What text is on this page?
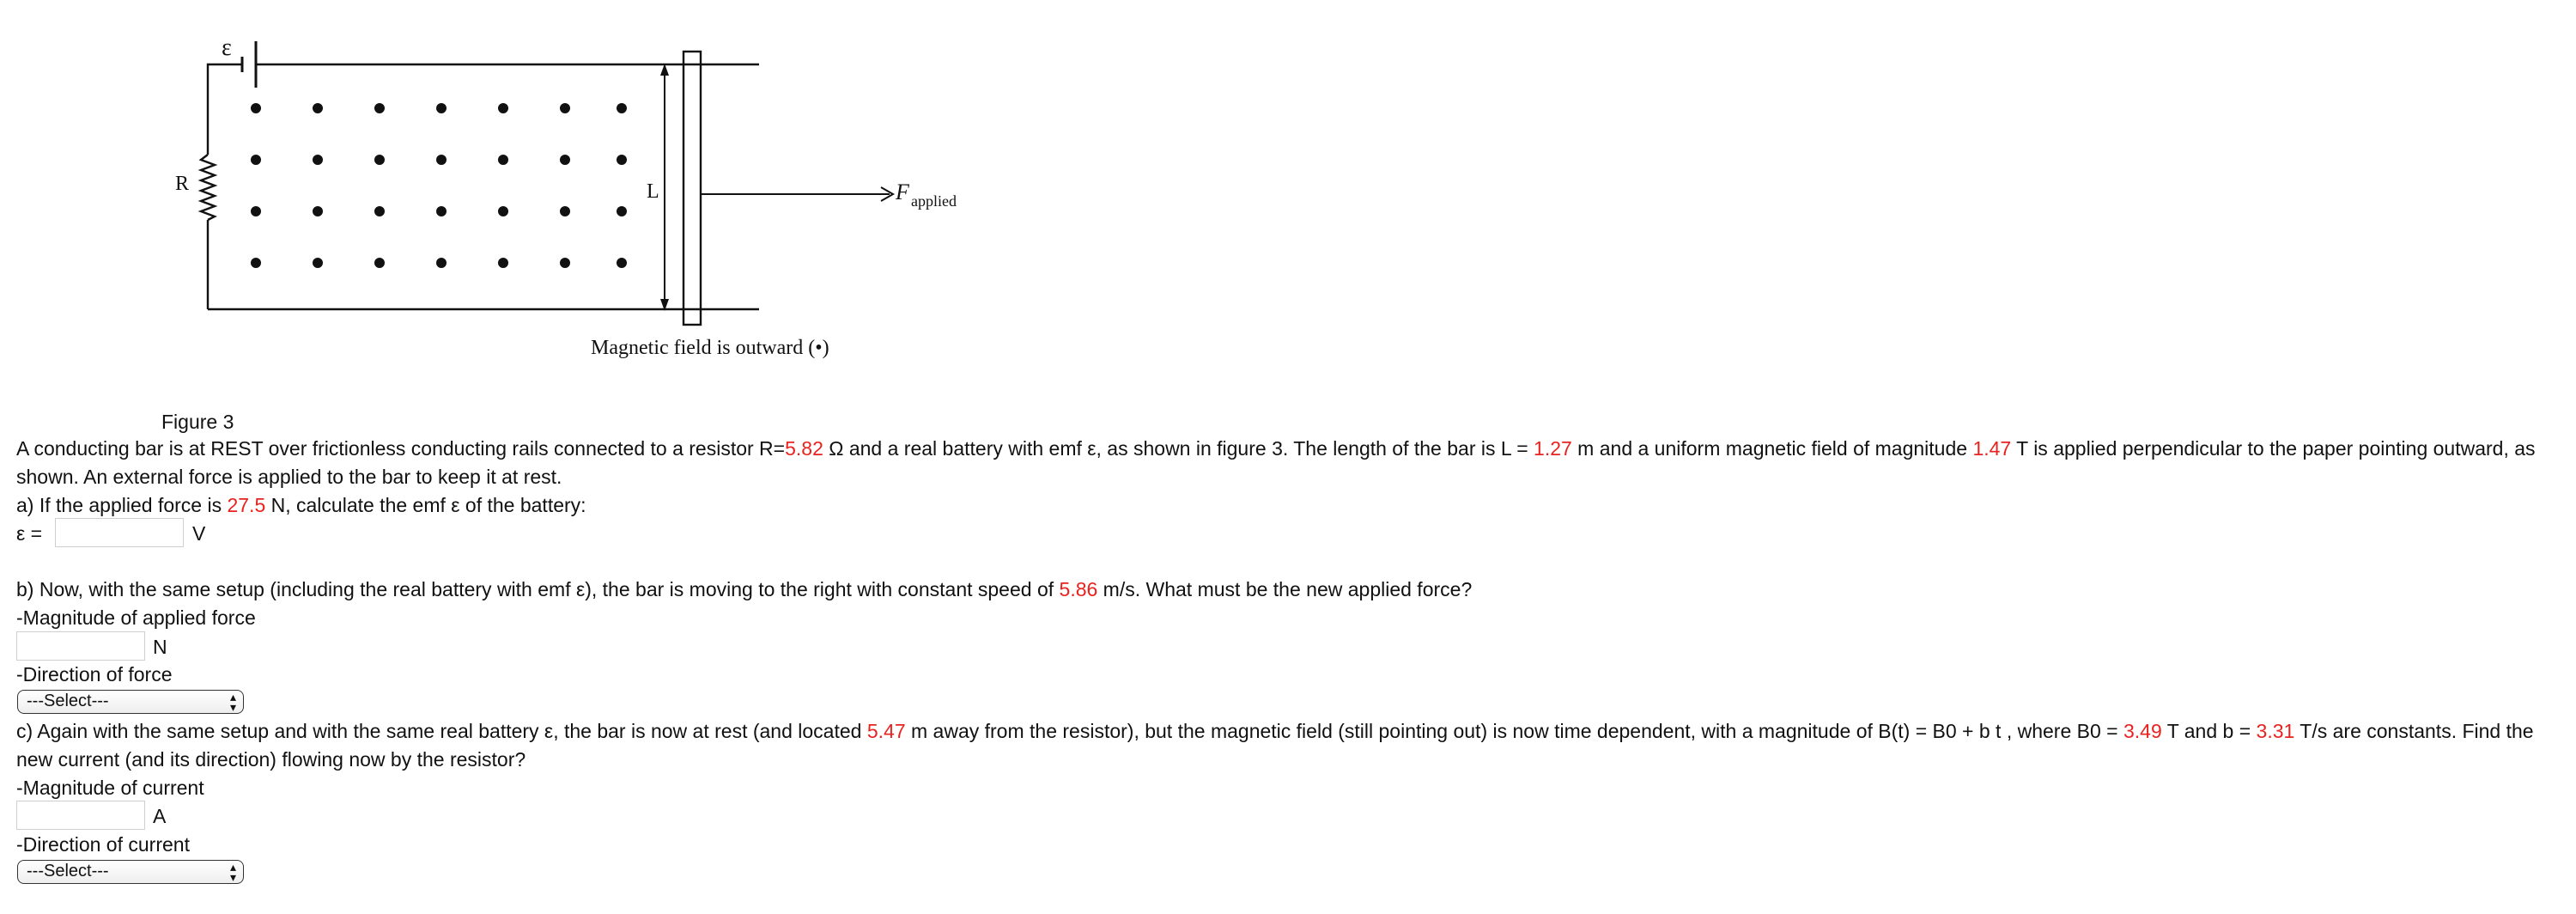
ε
R	L	F applied
Magnetic field is outward (•)
Figure 3
A conducting bar is at REST over frictionless conducting rails connected to a resistor R=5.82 Ω and a real battery with emf ε, as shown in figure 3. The length of the bar is L = 1.27 m and a uniform magnetic field of magnitude 1.47 T is applied perpendicular to the paper pointing outward, as shown. An external force is applied to the bar to keep it at rest.
a) If the applied force is 27.5 N, calculate the emf ε of the battery:
ε =	V
b) Now, with the same setup (including the real battery with emf ε), the bar is moving to the right with constant speed of 5.86 m/s. What must be the new applied force?
-Magnitude of applied force
N
-Direction of force
---Select---	▴
▾
c) Again with the same setup and with the same real battery ε, the bar is now at rest (and located 5.47 m away from the resistor), but the magnetic field (still pointing out) is now time dependent, with a magnitude of B(t) = B0 + b t , where B0 = 3.49 T and b = 3.31 T/s are constants. Find the new current (and its direction) flowing now by the resistor?
-Magnitude of current
A
-Direction of current
---Select---	▴
▾
